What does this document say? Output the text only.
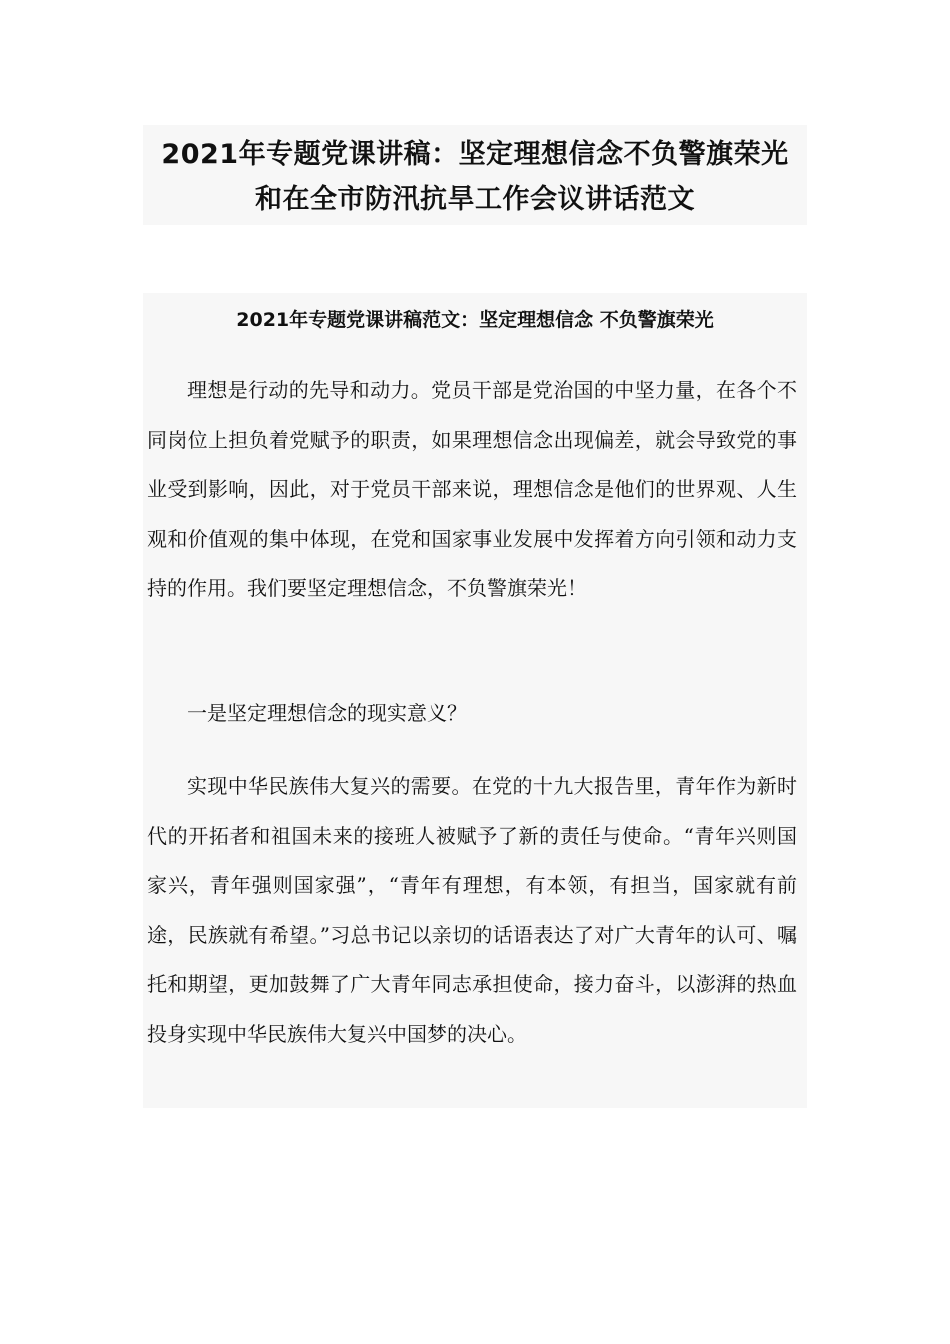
2021年专题党课讲稿：坚定理想信念不负警旗荣光
和在全市防汛抗旱工作会议讲话范文
2021年专题党课讲稿范文：坚定理想信念 不负警旗荣光

理想是行动的先导和动力。党员干部是党治国的中坚力量，在各个不同岗位上担负着党赋予的职责，如果理想信念出现偏差，就会导致党的事业受到影响，因此，对于党员干部来说，理想信念是他们的世界观、人生观和价值观的集中体现，在党和国家事业发展中发挥着方向引领和动力支持的作用。我们要坚定理想信念，不负警旗荣光！

一是坚定理想信念的现实意义？

实现中华民族伟大复兴的需要。在党的十九大报告里，青年作为新时代的开拓者和祖国未来的接班人被赋予了新的责任与使命。“青年兴则国家兴，青年强则国家强”，“青年有理想，有本领，有担当，国家就有前途，民族就有希望。”习总书记以亲切的话语表达了对广大青年的认可、嘱托和期望，更加鼓舞了广大青年同志承担使命，接力奋斗，以澎湃的热血投身实现中华民族伟大复兴中国梦的决心。
